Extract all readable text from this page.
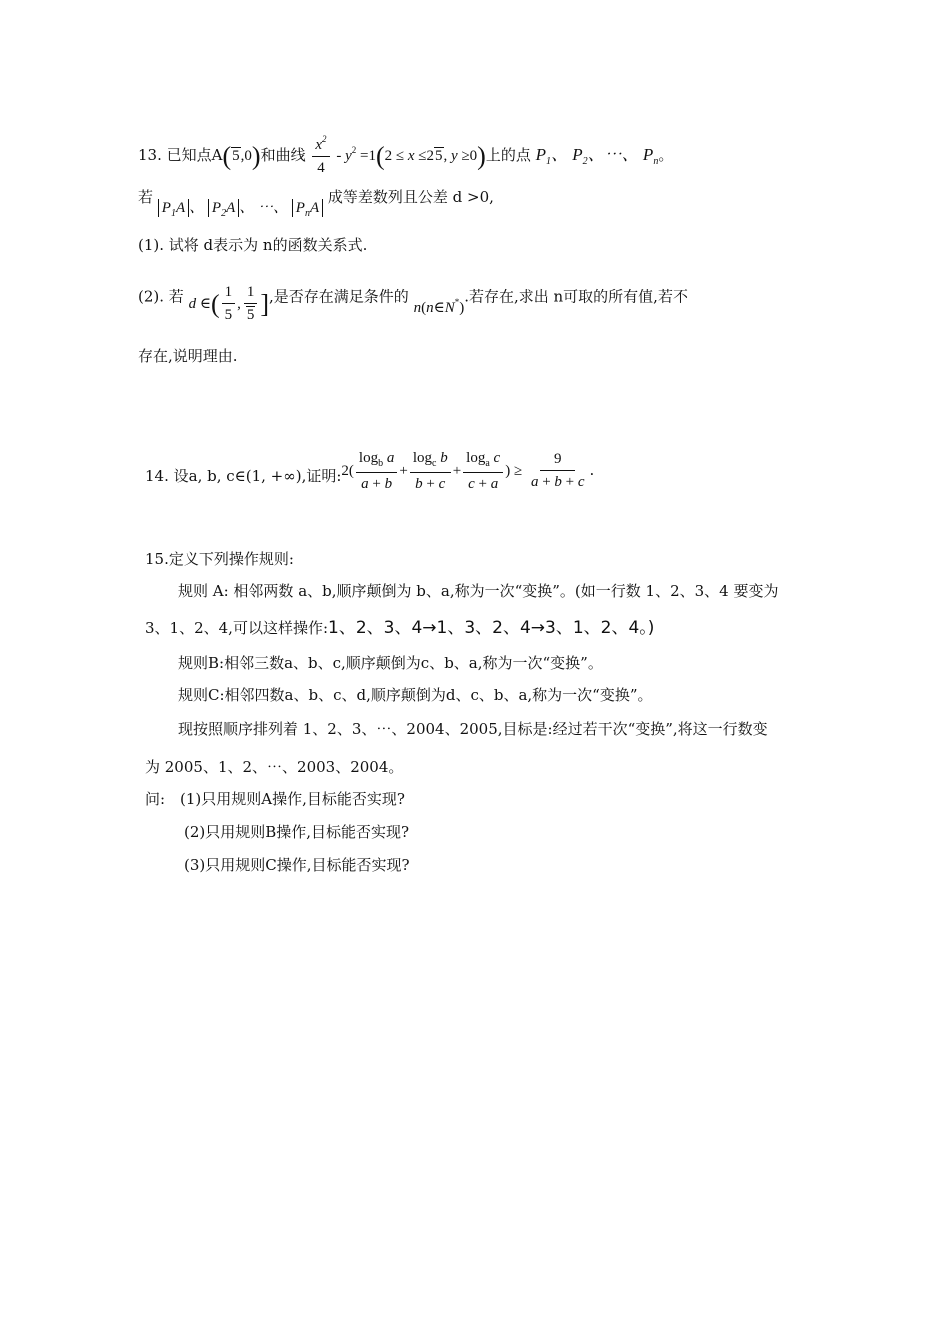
13. 已知点A(5,0)和曲线 $\frac{x^2}{4} - y^2 =1(2 \le x \le 25$, y ≥0)上的点 $P_1$、 $P_2$、⋯、 $P_n$。
若 $P_1A$ 、 $P_2A$ 、 ⋯、 $P_nA$ 成等差数列且公差 d >0,
(1). 试将 d表示为 n的函数关系式.
(2). 若 d ∈( $\frac{1}{5}$ , $\frac{1}{5}$ ],是否存在满足条件的 n(n∈N*).若存在,求出 n可取的所有值,若不
存在,说明理由.
14. 设a, b, c∈(1, +∞),证明:2( $\frac{\log_b a}{a + b} + \frac{\log_c b}{b + c} + \frac{\log_a c}{c + a}$ ) ≥ $\frac{9}{a + b + c}$ .
15.定义下列操作规则:
规则 A: 相邻两数 a、b,顺序颠倒为 b、a,称为一次“变换”。(如一行数 1、2、3、4 要变为
3、1、2、4,可以这样操作:1、2、3、4→1、3、2、4→3、1、2、4。)
规则B:相邻三数a、b、c,顺序颠倒为c、b、a,称为一次“变换”。
规则C:相邻四数a、b、c、d,顺序颠倒为d、c、b、a,称为一次“变换”。
现按照顺序排列着 1、2、3、⋯、2004、2005,目标是:经过若干次“变换”,将这一行数变
为 2005、1、2、⋯、2003、2004。
问: (1)只用规则A操作,目标能否实现?
(2)只用规则B操作,目标能否实现?
(3)只用规则C操作,目标能否实现?
